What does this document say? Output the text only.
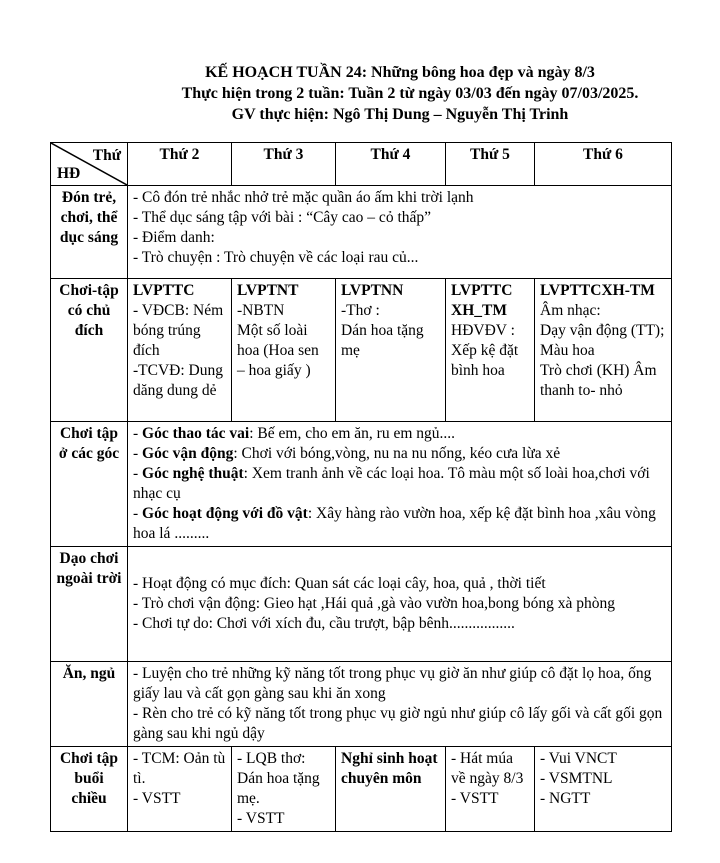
KẾ HOẠCH TUẦN 24: Những bông hoa đẹp và ngày 8/3
Thực hiện trong 2 tuần: Tuần 2 từ ngày 03/03 đến ngày 07/03/2025.
GV thực hiện: Ngô Thị Dung – Nguyễn Thị Trinh
Thứ
HĐ	Thứ 2	Thứ 3	Thứ 4	Thứ 5	Thứ 6
Đón trẻ, chơi, thể dục sáng	- Cô đón trẻ nhắc nhở trẻ mặc quần áo ấm khi trời lạnh
- Thể dục sáng tập với bài : “Cây cao – cỏ thấp”
- Điểm danh:
- Trò chuyện : Trò chuyện về các loại rau củ...				

Chơi-tập có chủ đích	LVPTTC
- VĐCB: Ném bóng trúng đích
-TCVĐ: Dung dăng dung dẻ	LVPTNT
-NBTN
Một số loài hoa (Hoa sen – hoa giấy )	LVPTNN
-Thơ :
Dán hoa tặng mẹ	LVPTTC XH_TM
HĐVĐV :
Xếp kệ đặt bình hoa	LVPTTCXH-TM
Âm nhạc:
Dạy vận động (TT); Màu hoa
Trò chơi (KH) Âm thanh to- nhỏ

Chơi tập ở các góc	- Góc thao tác vai: Bế em, cho em ăn, ru em ngủ....
- Góc vận động: Chơi với bóng,vòng, nu na nu nống, kéo cưa lừa xẻ
- Góc nghệ thuật: Xem tranh ảnh về các loại hoa. Tô màu một số loài hoa,chơi với nhạc cụ
- Góc hoạt động với đồ vật: Xây hàng rào vườn hoa, xếp kệ đặt bình hoa ,xâu vòng hoa lá .........				

Dạo chơi ngoài trời	- Hoạt động có mục đích: Quan sát các loại cây, hoa, quả , thời tiết
- Trò chơi vận động: Gieo hạt ,Hái quả ,gà vào vườn hoa,bong bóng xà phòng
- Chơi tự do: Chơi với xích đu, cầu trượt, bập bênh.................				

Ăn, ngủ	- Luyện cho trẻ những kỹ năng tốt trong phục vụ giờ ăn như giúp cô đặt lọ hoa, ống giấy lau và cất gọn gàng sau khi ăn xong
- Rèn cho trẻ có kỹ năng tốt trong phục vụ giờ ngủ như giúp cô lấy gối và cất gối gọn gàng sau khi ngủ dậy				

Chơi tập buổi chiều	- TCM: Oản tù tì.
- VSTT	- LQB thơ: Dán hoa tặng mẹ.
- VSTT	Nghỉ sinh hoạt chuyên môn	- Hát múa về ngày 8/3
- VSTT	- Vui VNCT
- VSMTNL
- NGTT
